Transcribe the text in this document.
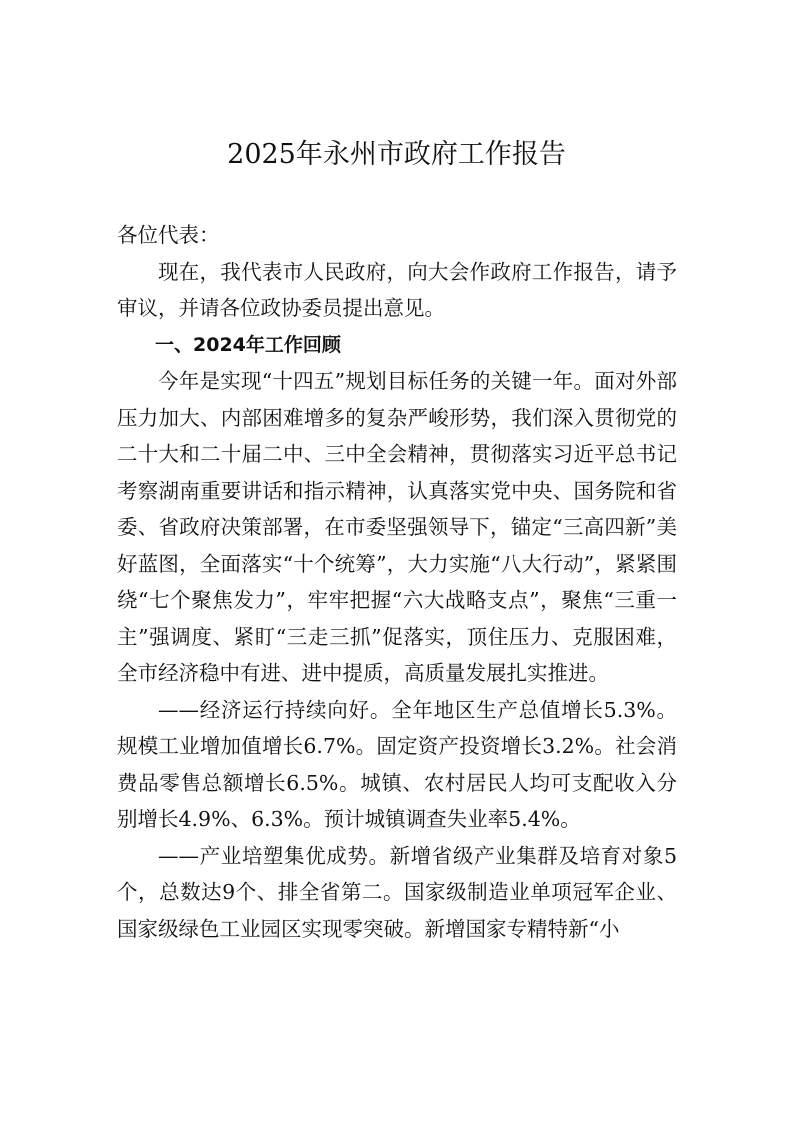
2025年永州市政府工作报告

各位代表：

现在，我代表市人民政府，向大会作政府工作报告，请予审议，并请各位政协委员提出意见。

一、2024年工作回顾

今年是实现“十四五”规划目标任务的关键一年。面对外部压力加大、内部困难增多的复杂严峻形势，我们深入贯彻党的二十大和二十届二中、三中全会精神，贯彻落实习近平总书记考察湖南重要讲话和指示精神，认真落实党中央、国务院和省委、省政府决策部署，在市委坚强领导下，锚定“三高四新”美好蓝图，全面落实“十个统筹”，大力实施“八大行动”，紧紧围绕“七个聚焦发力”，牢牢把握“六大战略支点”，聚焦“三重一主”强调度、紧盯“三走三抓”促落实，顶住压力、克服困难，全市经济稳中有进、进中提质，高质量发展扎实推进。

——经济运行持续向好。全年地区生产总值增长5.3%。规模工业增加值增长6.7%。固定资产投资增长3.2%。社会消费品零售总额增长6.5%。城镇、农村居民人均可支配收入分别增长4.9%、6.3%。预计城镇调查失业率5.4%。

——产业培塑集优成势。新增省级产业集群及培育对象5个，总数达9个、排全省第二。国家级制造业单项冠军企业、国家级绿色工业园区实现零突破。新增国家专精特新“小
